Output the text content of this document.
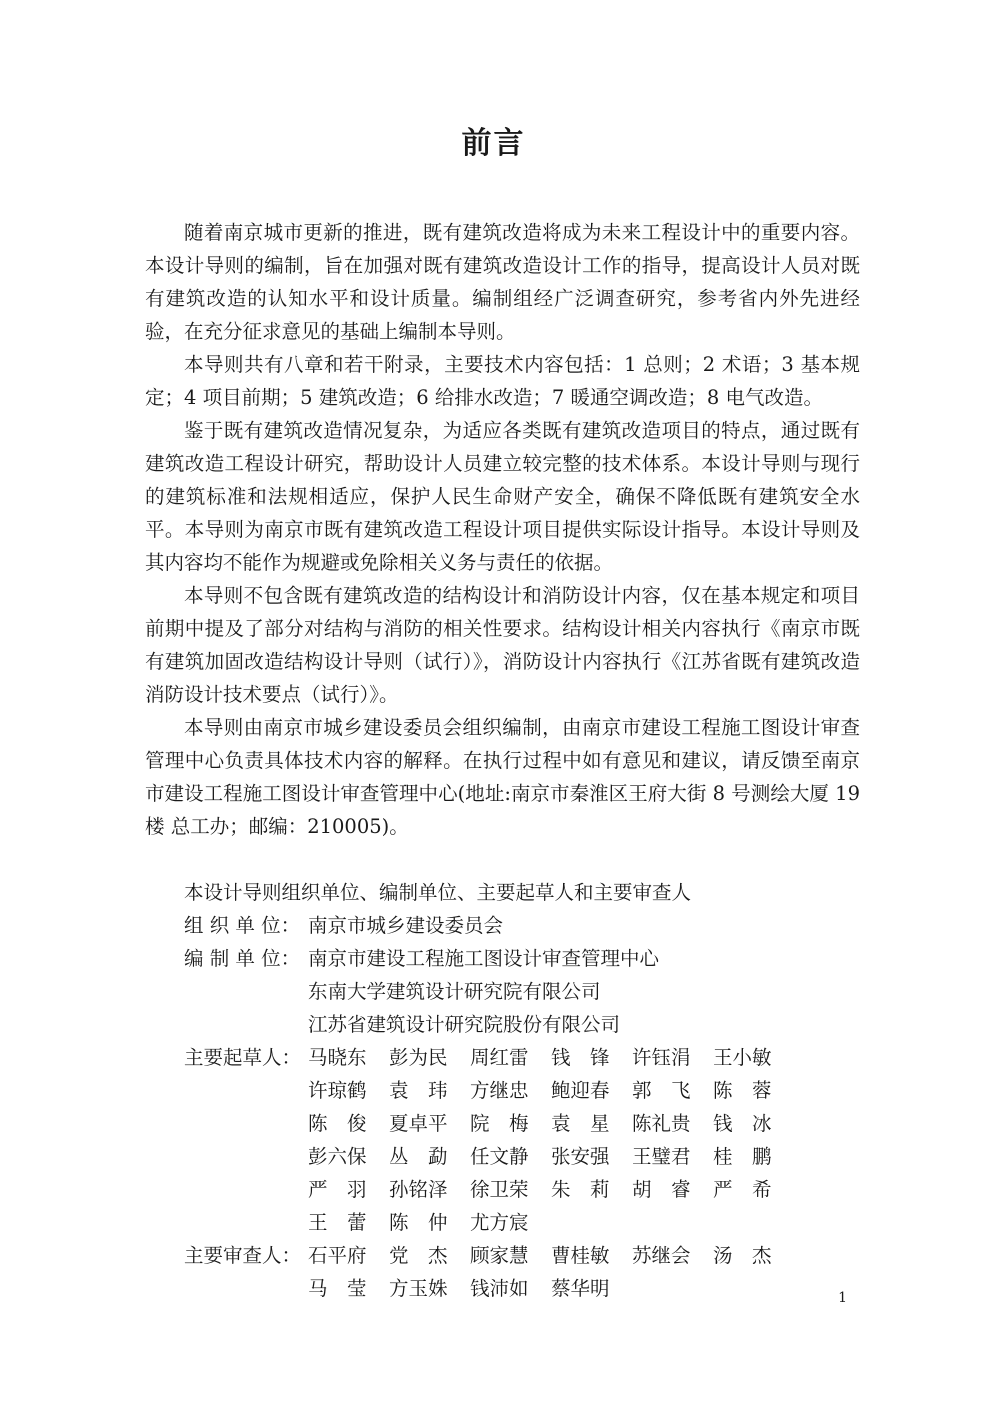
前言

随着南京城市更新的推进，既有建筑改造将成为未来工程设计中的重要内容。本设计导则的编制，旨在加强对既有建筑改造设计工作的指导，提高设计人员对既有建筑改造的认知水平和设计质量。编制组经广泛调查研究，参考省内外先进经验，在充分征求意见的基础上编制本导则。

本导则共有八章和若干附录，主要技术内容包括：1 总则；2 术语；3 基本规定；4 项目前期；5 建筑改造；6 给排水改造；7 暖通空调改造；8 电气改造。

鉴于既有建筑改造情况复杂，为适应各类既有建筑改造项目的特点，通过既有建筑改造工程设计研究，帮助设计人员建立较完整的技术体系。本设计导则与现行的建筑标准和法规相适应，保护人民生命财产安全，确保不降低既有建筑安全水平。本导则为南京市既有建筑改造工程设计项目提供实际设计指导。本设计导则及其内容均不能作为规避或免除相关义务与责任的依据。

本导则不包含既有建筑改造的结构设计和消防设计内容，仅在基本规定和项目前期中提及了部分对结构与消防的相关性要求。结构设计相关内容执行《南京市既有建筑加固改造结构设计导则（试行）》，消防设计内容执行《江苏省既有建筑改造消防设计技术要点（试行）》。

本导则由南京市城乡建设委员会组织编制，由南京市建设工程施工图设计审查管理中心负责具体技术内容的解释。在执行过程中如有意见和建议，请反馈至南京市建设工程施工图设计审查管理中心(地址:南京市秦淮区王府大街 8 号测绘大厦 19 楼 总工办；邮编：210005)。

本设计导则组织单位、编制单位、主要起草人和主要审查人
组 织 单 位： 南京市城乡建设委员会
编 制 单 位： 南京市建设工程施工图设计审查管理中心
东南大学建筑设计研究院有限公司
江苏省建筑设计研究院股份有限公司
主要起草人： 马晓东	彭为民	周红雷	钱　锋	许钰涓	王小敏
许琼鹤	袁　玮	方继忠	鲍迎春	郭　飞	陈　蓉
陈　俊	夏卓平	院　梅	袁　星	陈礼贵	钱　冰
彭六保	丛　勐	任文静	张安强	王璧君	桂　鹏
严　羽	孙铭泽	徐卫荣	朱　莉	胡　睿	严　希
王　蕾	陈　仲	尤方宸
主要审查人： 石平府	党　杰	顾家慧	曹桂敏	苏继会	汤　杰
马　莹	方玉姝	钱沛如	蔡华明	1
